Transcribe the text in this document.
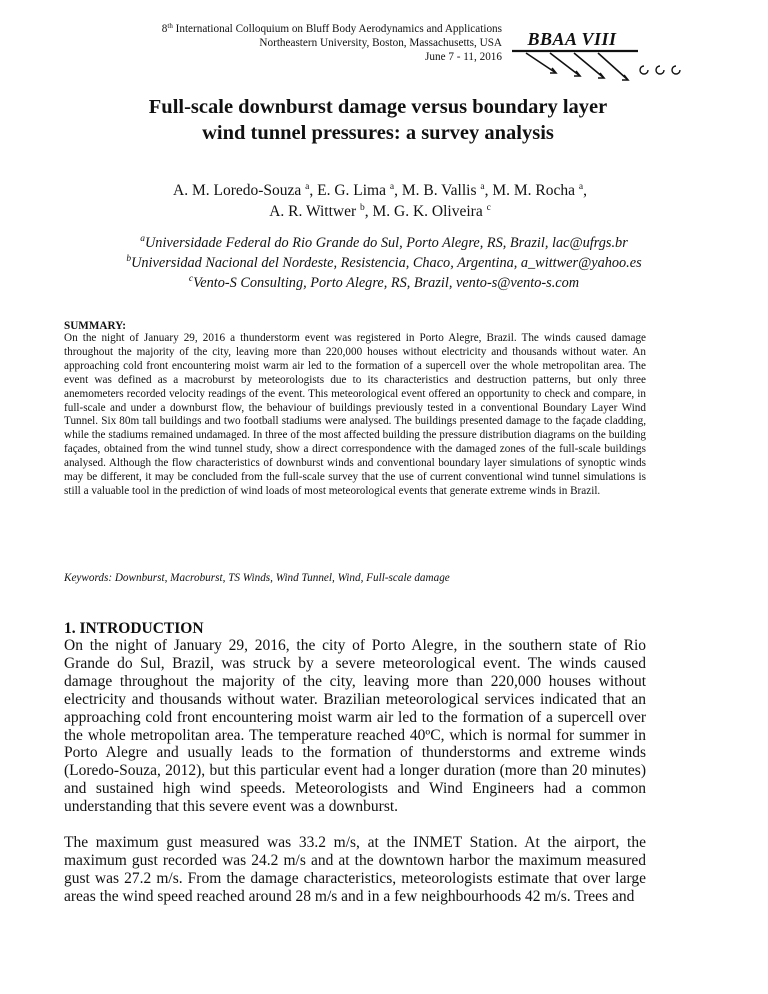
8th International Colloquium on Bluff Body Aerodynamics and Applications
Northeastern University, Boston, Massachusetts, USA
June 7 - 11, 2016
BBAA VIII
Full-scale downburst damage versus boundary layer
wind tunnel pressures: a survey analysis
A. M. Loredo-Souza $^a$, E. G. Lima $^a$, M. B. Vallis $^a$, M. M. Rocha $^a$,
A. R. Wittwer $^b$, M. G. K. Oliveira $^c$
$^a$Universidade Federal do Rio Grande do Sul, Porto Alegre, RS, Brazil, lac@ufrgs.br
$^b$Universidad Nacional del Nordeste, Resistencia, Chaco, Argentina, a_wittwer@yahoo.es
$^c$Vento-S Consulting, Porto Alegre, RS, Brazil, vento-s@vento-s.com
SUMMARY:
On the night of January 29, 2016 a thunderstorm event was registered in Porto Alegre, Brazil. The winds caused damage throughout the majority of the city, leaving more than 220,000 houses without electricity and thousands without water. An approaching cold front encountering moist warm air led to the formation of a supercell over the whole metropolitan area. The event was defined as a macroburst by meteorologists due to its characteristics and destruction patterns, but only three anemometers recorded velocity readings of the event. This meteorological event offered an opportunity to check and compare, in full-scale and under a downburst flow, the behaviour of buildings previously tested in a conventional Boundary Layer Wind Tunnel. Six 80m tall buildings and two football stadiums were analysed. The buildings presented damage to the façade cladding, while the stadiums remained undamaged. In three of the most affected building the pressure distribution diagrams on the building façades, obtained from the wind tunnel study, show a direct correspondence with the damaged zones of the full-scale buildings analysed. Although the flow characteristics of downburst winds and conventional boundary layer simulations of synoptic winds may be different, it may be concluded from the full-scale survey that the use of current conventional wind tunnel simulations is still a valuable tool in the prediction of wind loads of most meteorological events that generate extreme winds in Brazil.
Keywords: Downburst, Macroburst, TS Winds, Wind Tunnel, Wind, Full-scale damage
1. INTRODUCTION
On the night of January 29, 2016, the city of Porto Alegre, in the southern state of Rio Grande do Sul, Brazil, was struck by a severe meteorological event. The winds caused damage throughout the majority of the city, leaving more than 220,000 houses without electricity and thousands without water. Brazilian meteorological services indicated that an approaching cold front encountering moist warm air led to the formation of a supercell over the whole metropolitan area. The temperature reached 40ºC, which is normal for summer in Porto Alegre and usually leads to the formation of thunderstorms and extreme winds (Loredo-Souza, 2012), but this particular event had a longer duration (more than 20 minutes) and sustained high wind speeds. Meteorologists and Wind Engineers had a common understanding that this severe event was a downburst.
The maximum gust measured was 33.2 m/s, at the INMET Station. At the airport, the maximum gust recorded was 24.2 m/s and at the downtown harbor the maximum measured gust was 27.2 m/s. From the damage characteristics, meteorologists estimate that over large areas the wind speed reached around 28 m/s and in a few neighbourhoods 42 m/s. Trees and
